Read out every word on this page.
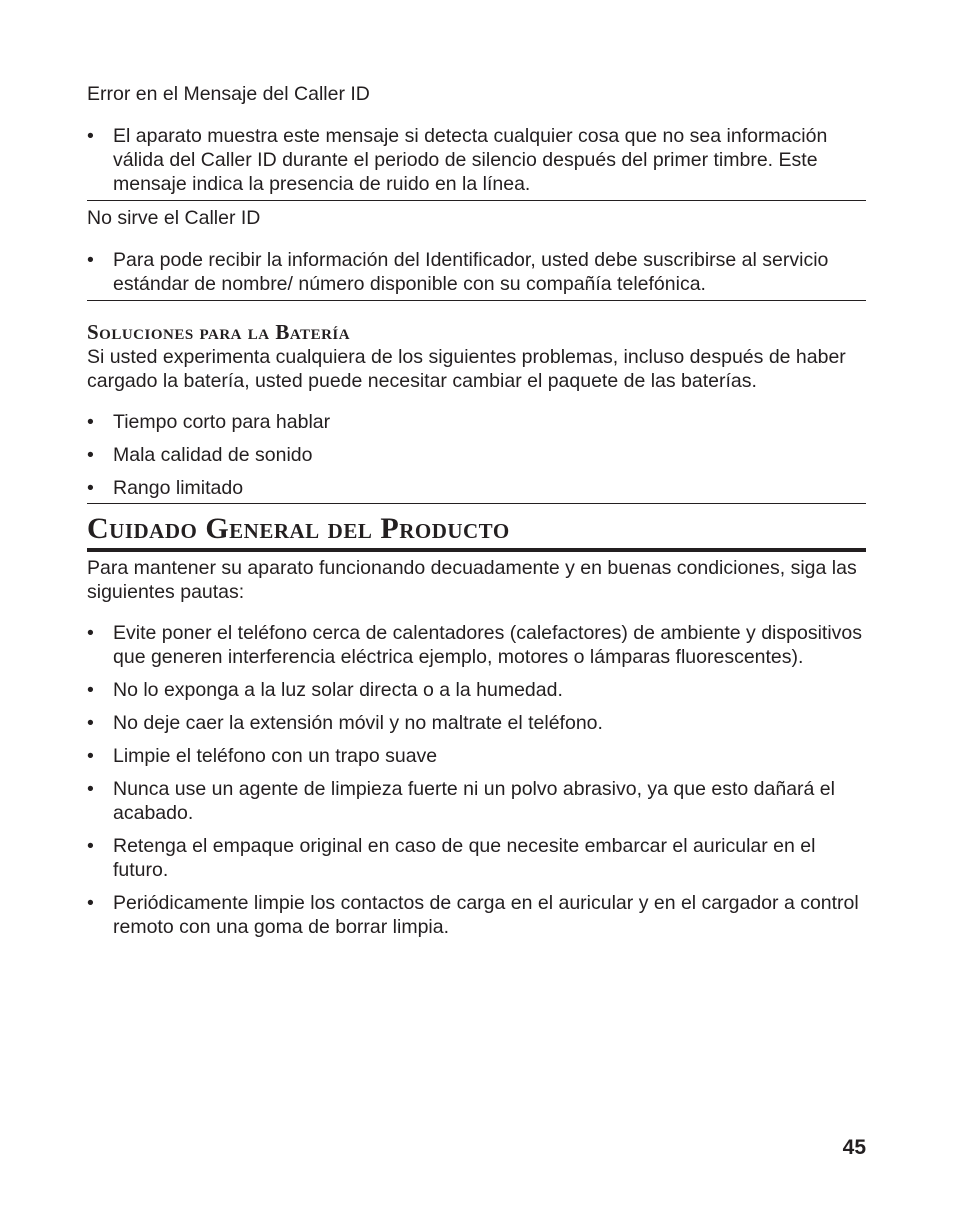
Error en el Mensaje del Caller ID
• El aparato muestra este mensaje si detecta cualquier cosa que no sea información válida del Caller ID durante el periodo de silencio después del primer timbre. Este mensaje indica la presencia de ruido en la línea.
No sirve el Caller ID
• Para pode recibir la información del Identificador, usted debe suscribirse al servicio estándar de nombre/ número disponible con su compañía telefónica.
Soluciones para la Batería
Si usted experimenta cualquiera de los siguientes problemas, incluso después de haber cargado la batería, usted puede necesitar cambiar el paquete de las baterías.
• Tiempo corto para hablar
• Mala calidad de sonido
• Rango limitado
Cuidado General del Producto
Para mantener su aparato funcionando decuadamente y en buenas condiciones, siga las siguientes pautas:
• Evite poner el teléfono cerca de calentadores (calefactores) de ambiente y dispositivos que generen interferencia eléctrica ejemplo, motores o lámparas fluorescentes).
• No lo exponga a la luz solar directa o a la humedad.
• No deje caer la extensión móvil y no maltrate el teléfono.
• Limpie el teléfono con un trapo suave
• Nunca use un agente de limpieza fuerte ni un polvo abrasivo, ya que esto dañará el acabado.
• Retenga el empaque original en caso de que necesite embarcar el auricular en el futuro.
• Periódicamente limpie los contactos de carga en el auricular y en el cargador a control remoto con una goma de borrar limpia.
45
